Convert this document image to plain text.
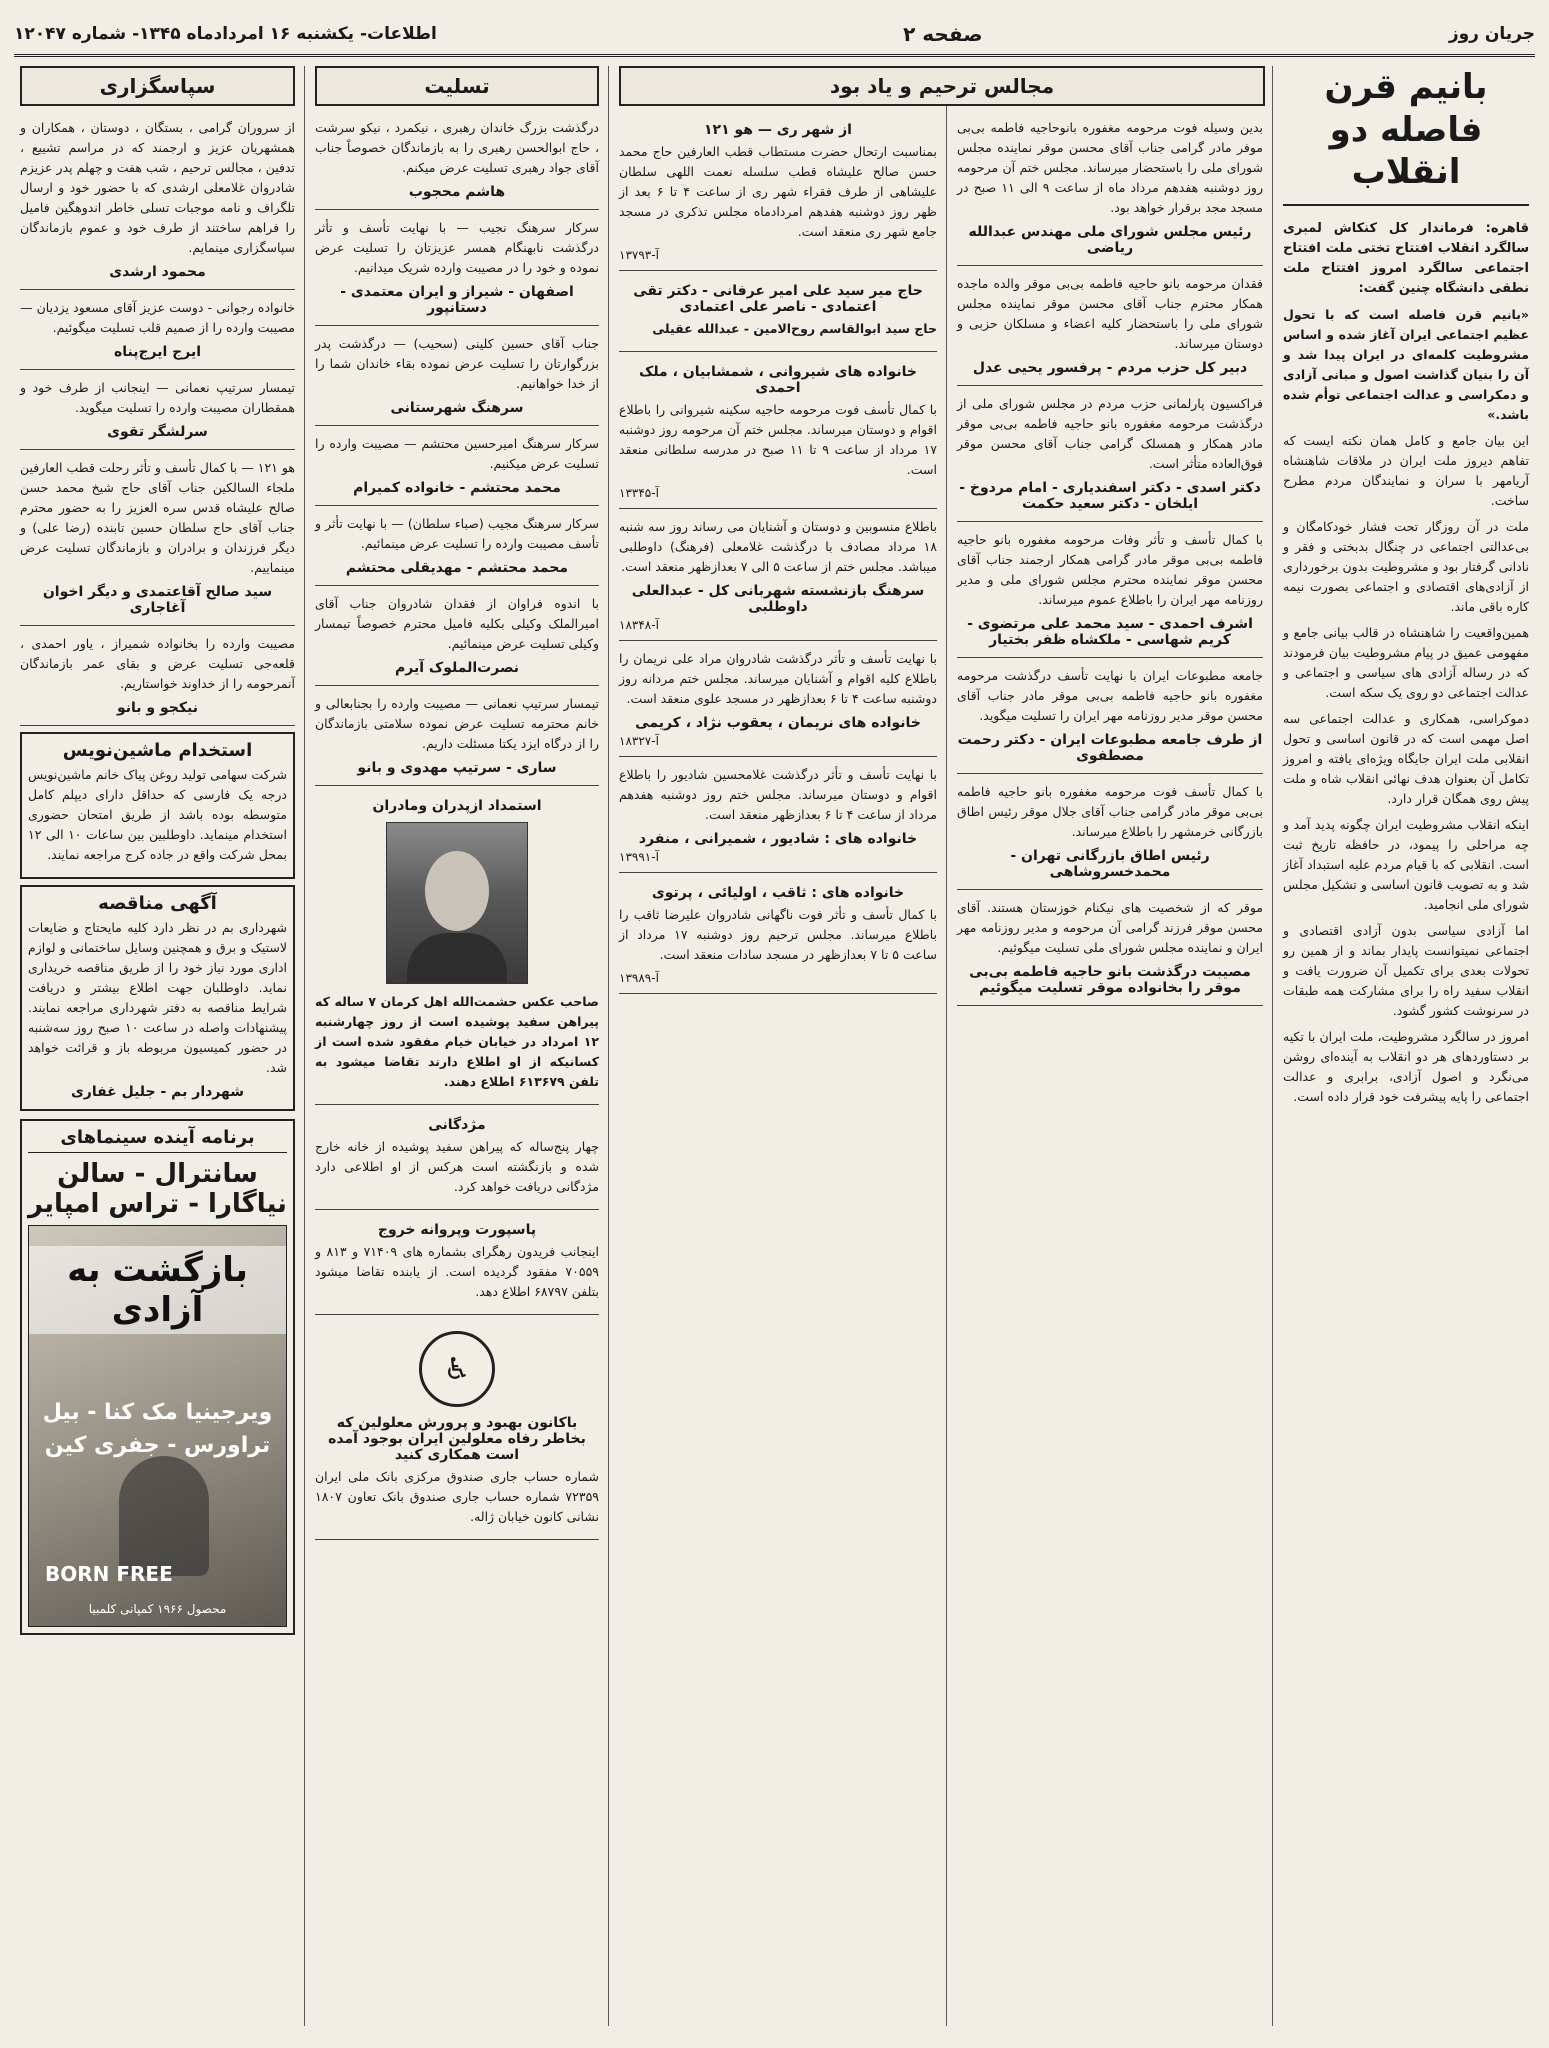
جریان روز
صفحه ۲
اطلاعات- یکشنبه ۱۶ امردادماه ۱۳۴۵- شماره ۱۲۰۴۷
بانیم قرن فاصله دو انقلاب

قاهره: فرماندار کل کنکاش لمبری سالگرد انقلاب افتتاح تختی ملت افتتاح اجتماعی سالگرد امروز افتتاح ملت نطقی دانشگاه چنین گفت:

«بانیم قرن فاصله است که با تحول عظیم اجتماعی ایران آغاز شده و اساس مشروطیت کلمه‌ای در ایران پیدا شد و آن را بنیان گذاشت اصول و مبانی آزادی و دمکراسی و عدالت اجتماعی توأم شده باشد.»

این بیان جامع و کامل همان نکته ایست که تفاهم دیروز ملت ایران در ملاقات شاهنشاه آریامهر با سران و نمایندگان مردم مطرح ساخت.

ملت در آن روزگار تحت فشار خودکامگان و بی‌عدالتی اجتماعی در چنگال بدبختی و فقر و نادانی گرفتار بود و مشروطیت بدون برخورداری از آزادی‌های اقتصادی و اجتماعی بصورت نیمه کاره باقی ماند.

همین‌واقعیت را شاهنشاه در قالب بیانی جامع و مفهومی عمیق در پیام مشروطیت بیان فرمودند که در رساله آزادی های سیاسی و اجتماعی و عدالت اجتماعی دو روی یک سکه است.

دموکراسی، همکاری و عدالت اجتماعی سه اصل مهمی است که در قانون اساسی و تحول انقلابی ملت ایران جایگاه ویژه‌ای یافته و امروز تکامل آن بعنوان هدف نهائی انقلاب شاه و ملت پیش روی همگان قرار دارد.

اینکه انقلاب مشروطیت ایران چگونه پدید آمد و چه مراحلی را پیمود، در حافظه تاریخ ثبت است. انقلابی که با قیام مردم علیه استبداد آغاز شد و به تصویب قانون اساسی و تشکیل مجلس شورای ملی انجامید.

اما آزادی سیاسی بدون آزادی اقتصادی و اجتماعی نمیتوانست پایدار بماند و از همین رو تحولات بعدی برای تکمیل آن ضرورت یافت و انقلاب سفید راه را برای مشارکت همه طبقات در سرنوشت کشور گشود.

امروز در سالگرد مشروطیت، ملت ایران با تکیه بر دستاوردهای هر دو انقلاب به آینده‌ای روشن می‌نگرد و اصول آزادی، برابری و عدالت اجتماعی را پایه پیشرفت خود قرار داده است.

بدین وسیله فوت مرحومه مغفوره بانوحاجیه فاطمه بی‌بی موفر مادر گرامی جناب آقای محسن موقر نماینده مجلس شورای ملی را باستحضار میرساند. مجلس ختم آن مرحومه روز دوشنبه هفدهم مرداد ماه از ساعت ۹ الی ۱۱ صبح در مسجد مجد برقرار خواهد بود.

رئیس مجلس شورای ملی مهندس عبدالله ریاضی

فقدان مرحومه بانو حاجیه فاطمه بی‌بی موقر والده ماجده همکار محترم جناب آقای محسن موقر نماینده مجلس شورای ملی را باستحضار کلیه اعضاء و مسلکان حزبی و دوستان میرساند.

دبیر کل حزب مردم - پرفسور یحیی عدل

فراکسیون پارلمانی حزب مردم در مجلس شورای ملی از درگذشت مرحومه مغفوره بانو حاجیه فاطمه بی‌بی موقر مادر همکار و همسلک گرامی جناب آقای محسن موقر فوق‌العاده متأثر است.

دکتر اسدی - دکتر اسفندیاری - امام مردوخ - ایلخان - دکتر سعید حکمت

با کمال تأسف و تأثر وفات مرحومه مغفوره بانو حاجیه فاطمه بی‌بی موقر مادر گرامی همکار ارجمند جناب آقای محسن موقر نماینده محترم مجلس شورای ملی و مدیر روزنامه مهر ایران را باطلاع عموم میرساند.

اشرف احمدی - سید محمد علی مرتضوی - کریم شهاسی - ملکشاه ظفر بختیار

جامعه مطبوعات ایران با نهایت تأسف درگذشت مرحومه مغفوره بانو حاجیه فاطمه بی‌بی موقر مادر جناب آقای محسن موقر مدیر روزنامه مهر ایران را تسلیت میگوید.

از طرف جامعه مطبوعات ایران - دکتر رحمت مصطفوی

با کمال تأسف فوت مرحومه مغفوره بانو حاجیه فاطمه بی‌بی موقر مادر گرامی جناب آقای جلال موقر رئیس اطاق بازرگانی خرمشهر را باطلاع میرساند.

رئیس اطاق بازرگانی تهران - محمدخسروشاهی

موقر که از شخصیت های نیکنام خوزستان هستند. آقای محسن موقر فرزند گرامی آن مرحومه و مدیر روزنامه مهر ایران و نماینده مجلس شورای ملی تسلیت میگوئیم.

مصیبت درگذشت بانو حاجیه فاطمه بی‌بی موقر را بخانواده موقر تسلیت میگوئیم
مجالس ترحیم و یاد بود
از شهر ری — هو ۱۲۱

بمناسبت ارتحال حضرت مستطاب قطب العارفین حاج محمد حسن صالح علیشاه قطب سلسله نعمت اللهی سلطان علیشاهی از طرف فقراء شهر ری از ساعت ۴ تا ۶ بعد از ظهر روز دوشنبه هفدهم امردادماه مجلس تذکری در مسجد جامع شهر ری منعقد است.

آ-۱۳۷۹۳
حاج میر سید علی امیر عرفانی - دکتر تقی اعتمادی - ناصر علی اعتمادی

حاج سید ابوالقاسم روح‌الامین - عبدالله عقیلی

خانواده های شیروانی ، شمشابیان ، ملک احمدی

با کمال تأسف فوت مرحومه حاجیه سکینه شیروانی را باطلاع اقوام و دوستان میرساند. مجلس ختم آن مرحومه روز دوشنبه ۱۷ مرداد از ساعت ۹ تا ۱۱ صبح در مدرسه سلطانی منعقد است.

آ-۱۳۳۴۵

باطلاع منسوبین و دوستان و آشنایان می رساند روز سه شنبه ۱۸ مرداد مصادف با درگذشت غلامعلی (فرهنگ) داوطلبی میباشد. مجلس ختم از ساعت ۵ الی ۷ بعدازظهر منعقد است.

سرهنگ بازنشسته شهربانی کل - عبدالعلی داوطلبی
آ-۱۸۳۴۸

با نهایت تأسف و تأثر درگذشت شادروان مراد علی نریمان را باطلاع کلیه اقوام و آشنایان میرساند. مجلس ختم مردانه روز دوشنبه ساعت ۴ تا ۶ بعدازظهر در مسجد علوی منعقد است.

خانواده های نریمان ، یعقوب نژاد ، کریمی
آ-۱۸۳۲۷

با نهایت تأسف و تأثر درگذشت غلامحسین شادیور را باطلاع اقوام و دوستان میرساند. مجلس ختم روز دوشنبه هفدهم مرداد از ساعت ۴ تا ۶ بعدازظهر منعقد است.

خانواده های : شادیور ، شمیرانی ، منفرد
آ-۱۳۹۹۱
خانواده های : ثاقب ، اولیائی ، پرتوی

با کمال تأسف و تأثر فوت ناگهانی شادروان علیرضا ثاقب را باطلاع میرساند. مجلس ترحیم روز دوشنبه ۱۷ مرداد از ساعت ۵ تا ۷ بعدازظهر در مسجد سادات منعقد است.

آ-۱۳۹۸۹
تسلیت

درگذشت بزرگ خاندان رهبری ، نیکمرد ، نیکو سرشت ، حاج ابوالحسن رهبری را به بازماندگان خصوصاً جناب آقای جواد رهبری تسلیت عرض میکنم.

هاشم محجوب

سرکار سرهنگ نجیب — با نهایت تأسف و تأثر درگذشت نابهنگام همسر عزیزتان را تسلیت عرض نموده و خود را در مصیبت وارده شریک میدانیم.

اصفهان - شیراز و ایران معتمدی - دستانپور

جناب آقای حسین کلینی (سحیب) — درگذشت پدر بزرگوارتان را تسلیت عرض نموده بقاء خاندان شما را از خدا خواهانیم.

سرهنگ شهرستانی

سرکار سرهنگ امیرحسین محتشم — مصیبت وارده را تسلیت عرض میکنیم.

محمد محتشم - خانواده کمیرام

سرکار سرهنگ مجیب (صباء سلطان) — با نهایت تأثر و تأسف مصیبت وارده را تسلیت عرض مینمائیم.

محمد محتشم - مهدیقلی محتشم

با اندوه فراوان از فقدان شادروان جناب آقای امیرالملک وکیلی بکلیه فامیل محترم خصوصاً تیمسار وکیلی تسلیت عرض مینمائیم.

نصرت‌الملوک آیرم

تیمسار سرتیپ نعمانی — مصیبت وارده را بجنابعالی و خانم محترمه تسلیت عرض نموده سلامتی بازماندگان را از درگاه ایزد یکتا مسئلت داریم.

ساری - سرتیپ مهدوی و بانو
استمداد ازپدران ومادران

صاحب عکس حشمت‌الله اهل کرمان ۷ ساله که پیراهن سفید پوشیده است از روز چهارشنبه ۱۲ امرداد در خیابان خیام مفقود شده است از کسانیکه از او اطلاع دارند تقاضا میشود به تلفن ۶۱۳۶۷۹ اطلاع دهند.

مژدگانی

چهار پنج‌ساله که پیراهن سفید پوشیده از خانه خارج شده و بازنگشته است هرکس از او اطلاعی دارد مژدگانی دریافت خواهد کرد.

پاسپورت وپروانه خروج

اینجانب فریدون رهگرای بشماره های ۷۱۴۰۹ و ۸۱۳ و ۷۰۵۵۹ مفقود گردیده است. از یابنده تقاضا میشود بتلفن ۶۸۷۹۷ اطلاع دهد.

♿
باکانون بهبود و پرورش معلولین که بخاطر رفاه معلولین ایران بوجود آمده است همکاری کنید

شماره حساب جاری صندوق مرکزی بانک ملی ایران ۷۲۳۵۹ شماره حساب جاری صندوق بانک تعاون ۱۸۰۷ نشانی کانون خیابان ژاله.

سپاسگزاری

از سروران گرامی ، بستگان ، دوستان ، همکاران و همشهریان عزیز و ارجمند که در مراسم تشییع ، تدفین ، مجالس ترحیم ، شب هفت و چهلم پدر عزیزم شادروان غلامعلی ارشدی که با حضور خود و ارسال تلگراف و نامه موجبات تسلی خاطر اندوهگین فامیل را فراهم ساختند از طرف خود و عموم بازماندگان سپاسگزاری مینمایم.

محمود ارشدی

خانواده رجوانی - دوست عزیز آقای مسعود یزدیان — مصیبت وارده را از صمیم قلب تسلیت میگوئیم.

ایرج ایرج‌پناه

تیمسار سرتیپ نعمانی — اینجانب از طرف خود و همقطاران مصیبت وارده را تسلیت میگوید.

سرلشگر تقوی

هو ۱۲۱ — با کمال تأسف و تأثر رحلت قطب العارفین ملجاء السالکین جناب آقای حاج شیخ محمد حسن صالح علیشاه قدس سره العزیز را به حضور محترم جناب آقای حاج سلطان حسین تابنده (رضا علی) و دیگر فرزندان و برادران و بازماندگان تسلیت عرض مینماییم.

سید صالح آقاعتمدی و دیگر اخوان آغاجاری

مصیبت وارده را بخانواده شمیراز ، یاور احمدی ، قلعه‌جی تسلیت عرض و بقای عمر بازماندگان آنمرحومه را از خداوند خواستاریم.

نیکجو و بانو
استخدام ماشین‌نویس

شرکت سهامی تولید روغن پیاک خانم ماشین‌نویس درجه یک فارسی که حداقل دارای دیپلم کامل متوسطه بوده باشد از طریق امتحان حضوری استخدام مینماید. داوطلبین بین ساعات ۱۰ الی ۱۲ بمحل شرکت واقع در جاده کرج مراجعه نمایند.

آگهی مناقصه

شهرداری بم در نظر دارد کلیه مایحتاج و ضایعات لاستیک و برق و همچنین وسایل ساختمانی و لوازم اداری مورد نیاز خود را از طریق مناقصه خریداری نماید. داوطلبان جهت اطلاع بیشتر و دریافت شرایط مناقصه به دفتر شهرداری مراجعه نمایند. پیشنهادات واصله در ساعت ۱۰ صبح روز سه‌شنبه در حضور کمیسیون مربوطه باز و قرائت خواهد شد.

شهردار بم - جلیل غفاری
برنامه آینده سینماهای
سانترال - سالن نیاگارا - تراس امپایر
بازگشت به آزادی
ویرجینیا مک کنا - بیل تراورس - جفری کین
BORN FREE
محصول ۱۹۶۶ کمپانی کلمبیا
